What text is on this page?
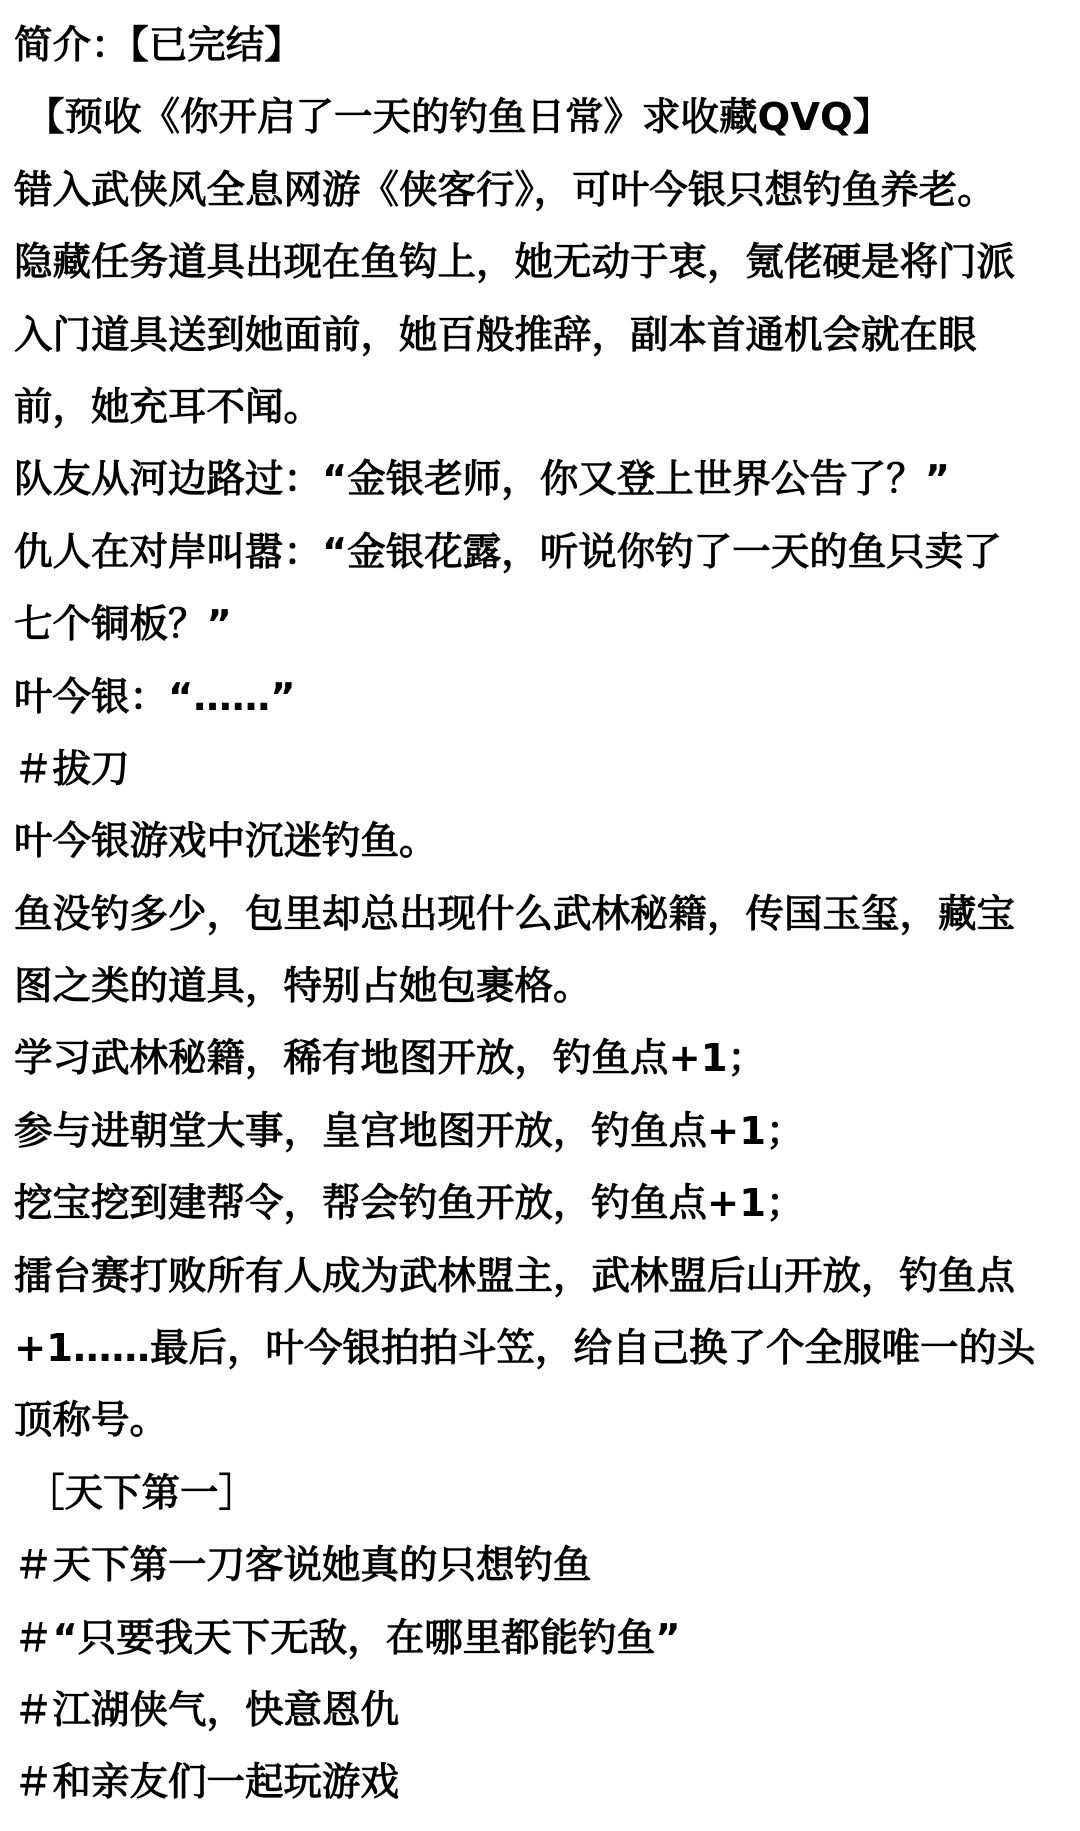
简介：【已完结】
【预收《你开启了一天的钓鱼日常》求收藏QVQ】
错入武侠风全息网游《侠客行》，可叶今银只想钓鱼养老。
隐藏任务道具出现在鱼钩上，她无动于衷，氪佬硬是将门派
入门道具送到她面前，她百般推辞，副本首通机会就在眼
前，她充耳不闻。
队友从河边路过：“金银老师，你又登上世界公告了？”
仇人在对岸叫嚣：“金银花露，听说你钓了一天的鱼只卖了
七个铜板？”
叶今银：“……”
＃拔刀
叶今银游戏中沉迷钓鱼。
鱼没钓多少，包里却总出现什么武林秘籍，传国玉玺，藏宝
图之类的道具，特别占她包裹格。
学习武林秘籍，稀有地图开放，钓鱼点+1；
参与进朝堂大事，皇宫地图开放，钓鱼点+1；
挖宝挖到建帮令，帮会钓鱼开放，钓鱼点+1；
擂台赛打败所有人成为武林盟主，武林盟后山开放，钓鱼点
+1……最后，叶今银拍拍斗笠，给自己换了个全服唯一的头
顶称号。
［天下第一］
＃天下第一刀客说她真的只想钓鱼
＃“只要我天下无敌，在哪里都能钓鱼”
＃江湖侠气，快意恩仇
＃和亲友们一起玩游戏
